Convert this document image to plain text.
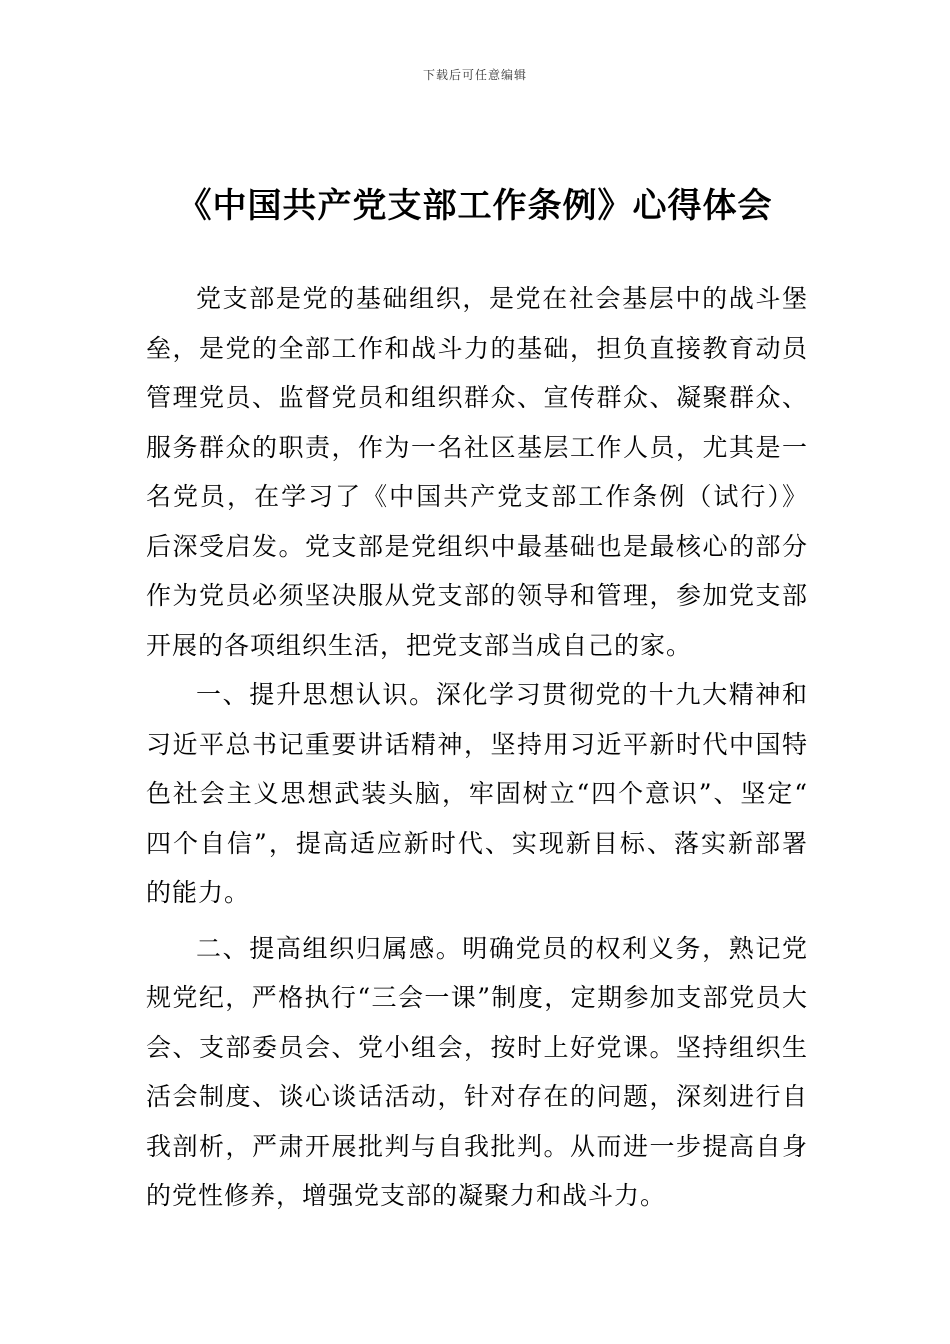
下载后可任意编辑
《中国共产党支部工作条例》心得体会

党支部是党的基础组织，是党在社会基层中的战斗堡垒，是党的全部工作和战斗力的基础，担负直接教育动员管理党员、监督党员和组织群众、宣传群众、凝聚群众、服务群众的职责，作为一名社区基层工作人员，尤其是一名党员，在学习了《中国共产党支部工作条例（试行）》后深受启发。党支部是党组织中最基础也是最核心的部分作为党员必须坚决服从党支部的领导和管理，参加党支部开展的各项组织生活，把党支部当成自己的家。

一、提升思想认识。深化学习贯彻党的十九大精神和习近平总书记重要讲话精神，坚持用习近平新时代中国特色社会主义思想武装头脑，牢固树立“四个意识”、坚定“四个自信”，提高适应新时代、实现新目标、落实新部署的能力。

二、提高组织归属感。明确党员的权利义务，熟记党规党纪，严格执行“三会一课”制度，定期参加支部党员大会、支部委员会、党小组会，按时上好党课。坚持组织生活会制度、谈心谈话活动，针对存在的问题，深刻进行自我剖析，严肃开展批判与自我批判。从而进一步提高自身的党性修养，增强党支部的凝聚力和战斗力。
